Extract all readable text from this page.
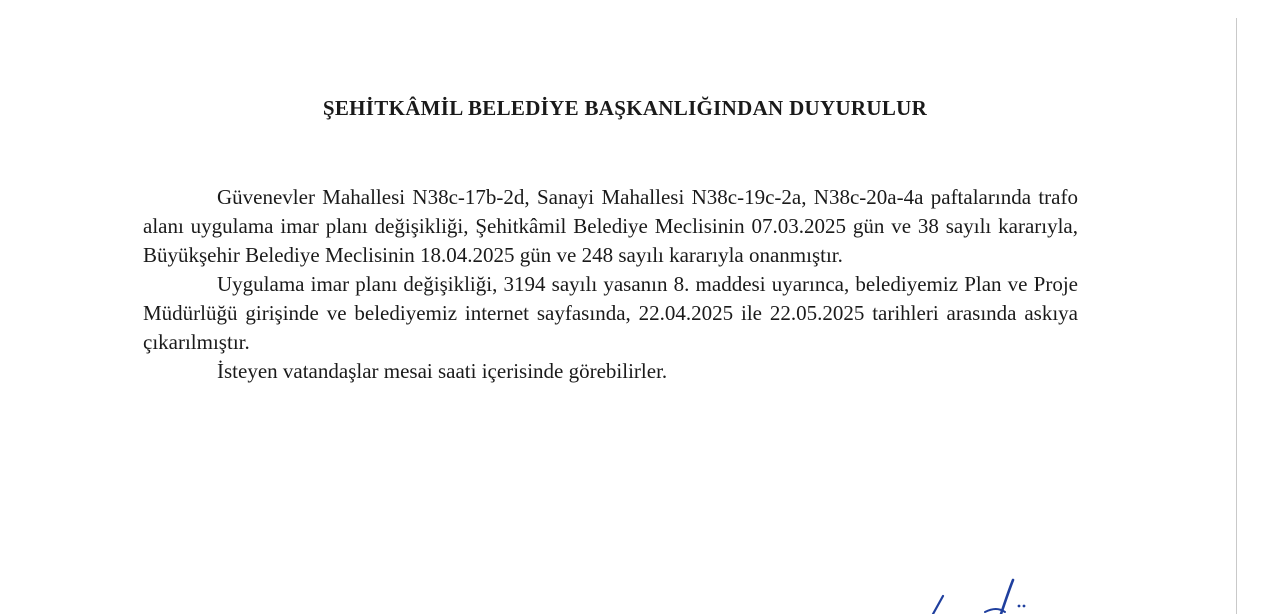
ŞEHİTKÂMİL BELEDİYE BAŞKANLIĞINDAN DUYURULUR

Güvenevler Mahallesi N38c-17b-2d, Sanayi Mahallesi N38c-19c-2a, N38c-20a-4a paftalarında trafo alanı uygulama imar planı değişikliği, Şehitkâmil Belediye Meclisinin 07.03.2025 gün ve 38 sayılı kararıyla, Büyükşehir Belediye Meclisinin 18.04.2025 gün ve 248 sayılı kararıyla onanmıştır.

Uygulama imar planı değişikliği, 3194 sayılı yasanın 8. maddesi uyarınca, belediyemiz Plan ve Proje Müdürlüğü girişinde ve belediyemiz internet sayfasında, 22.04.2025 ile 22.05.2025 tarihleri arasında askıya çıkarılmıştır.

İsteyen vatandaşlar mesai saati içerisinde görebilirler.
